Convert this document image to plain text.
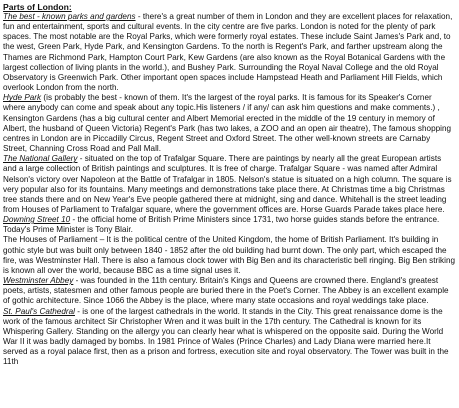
Parts of London:

The best - known parks and gardens - there's a great number of them in London and they are excellent places for relaxation, fun and entertainment, sports and cultural events. In the city centre are five parks. London is noted for the plenty of park spaces. The most notable are the Royal Parks, which were formerly royal estates. These include Saint James's Park and, to the west, Green Park, Hyde Park, and Kensington Gardens. To the north is Regent's Park, and farther upstream along the Thames are Richmond Park, Hampton Court Park, Kew Gardens (are also known as the Royal Botanical Gardens with the largest collection of living plants in the world.), and Bushey Park. Surrounding the Royal Naval College and the old Royal Observatory is Greenwich Park. Other important open spaces include Hampstead Heath and Parliament Hill Fields, which overlook London from the north.

Hyde Park (is probably the best - known of them. It's the largest of the royal parks. It is famous for its Speaker's Corner where anybody can come and speak about any topic.His listeners / if any/ can ask him questions and make comments.) , Kensington Gardens (has a big cultural center and Albert Memorial erected in the middle of the 19 century in memory of Albert, the husband of Queen Victoria) Regent's Park (has two lakes, a ZOO and an open air theatre), The famous shopping centres in London are in Piccadilly Circus, Regent Street and Oxford Street. The other well-known streets are Carnaby Street, Channing Cross Road and Pall Mall.

The National Gallery - situated on the top of Trafalgar Square. There are paintings by nearly all the great European artists and a large collection of British paintings and sculptures. It is free of charge. Trafalgar Square - was named after Admiral Nelson's victory over Napoleon at the Battle of Trafalgar in 1805. Nelson's statue is situated on a high column. The square is very popular also for its fountains. Many meetings and demonstrations take place there. At Christmas time a big Christmas tree stands there and on New Year's Eve people gathered there at midnight, sing and dance. Whitehall is the street leading from Houses of Parliament to Trafalgar square, where the government offices are. Horse Guards Parade takes place here.

Downing Street 10 - the official home of British Prime Ministers since 1731, two horse guides stands before the entrance. Today's Prime Minister is Tony Blair.

The Houses of Parliament – It is the political centre of the United Kingdom, the home of British Parliament. It's building in gothic style but was built only between 1840 - 1852 after the old building had burnt down. The only part, which escaped the fire, was Westminster Hall. There is also a famous clock tower with Big Ben and its characteristic bell ringing. Big Ben striking is known all over the world, because BBC as a time signal uses it.

Westminster Abbey - was founded in the 11th century. Britain's Kings and Queens are crowned there. England's greatest poets, artists, statesmen and other famous people are buried there in the Poet's Corner. The Abbey is an excellent example of gothic architecture. Since 1066 the Abbey is the place, where many state occasions and royal weddings take place.

St. Paul's Cathedral - is one of the largest cathedrals in the world. It stands in the City. This great renaissance dome is the work of the famous architect Sir Christopher Wren and it was built in the 17th century. The Cathedral is known for its Whispering Gallery. Standing on the allergy you can clearly hear what is whispered on the opposite said. During the World War II it was badly damaged by bombs. In 1981 Prince of Wales (Prince Charles) and Lady Diana were married here.It served as a royal palace first, then as a prison and fortress, execution site and royal observatory. The Tower was built in the 11th
